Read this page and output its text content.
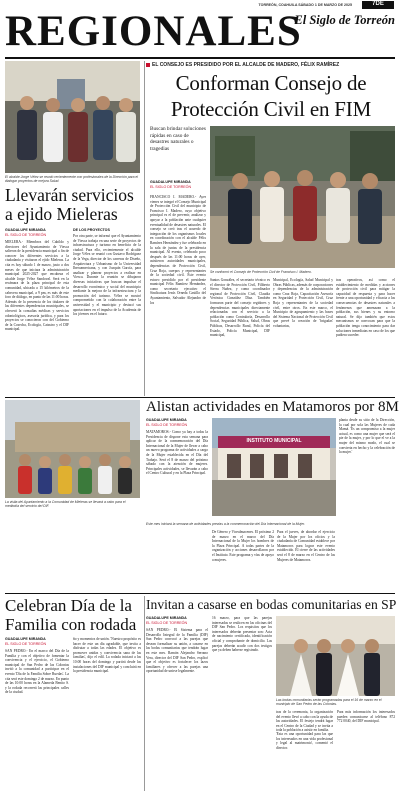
TORREÓN, COAHUILA SÁBADO 1 DE MARZO DE 2025	7DE
REGIONALES
El Siglo de Torreón
El alcalde Jorge Vélez se reunió recientemente con profesionales de la Dirección para el dialogar proyectos de mejora Salud.
EL CONSEJO ES PRESIDIDO POR EL ALCALDE DE MADERO, FÉLIX RAMÍREZ
Conforman Consejo de Protección Civil en FIM
Buscan brindar soluciones rápidas en caso de desastres naturales o tragedias
GUADALUPE MIRANDA
EL SIGLO DE TORREÓN
Se conformó el Consejo de Protección Civil de Francisco I. Madero.
FRANCISCO I. MADERO.- Ayer vienes se integró el Consejo Municipal de Protección Civil del municipio de Francisco I. Madero, cuyo objetivo principal es el de prevenir, analizar y apoyar a la población ante cualquier eventualidad de desastres naturales. El consejo se creó tras el acuerdo de integración de los organismos locales en coordinación con el alcalde Félix Ramírez Hernández y fue celebrado en la sala de juntas de la presidencia municipal. Al evento, celebrado poco después de las 11:00 horas de ayer, asistieron autoridades municipales, dependencias de Protección Civil, Cruz Roja, cuerpos y representantes de la sociedad civil. Este evento estuvo presidido por el presidente municipal Félix Ramírez Hernández, como secretario ejecutivo el Sindicatura Jesús Orneda Castillo del Ayuntamiento, Salvador Alejandro de los
Santos González, el secretario técnico es el director de Protección Civil, Filiberto Sierra Nuñez, y como coordinador regional de Protección Civil, Claudia Verónica González Díaz. También formaron parte del consejo regidores y dependencias municipales directamente relacionadas con el servicio a la población como Contraloría, Desarrollo Social, Seguridad Pública, Salud, Obras Públicas, Desarrollo Rural, Policía del Estado, Policía Municipal, DIF municipal,
Municipal, Ecología, Salud Municipal y Obras Públicas, además de corporaciones y dependencias de la administración como Cruz Roja, Capacitación Asesoría en Seguridad y Protección Civil, Cruz Roja y representantes de la sociedad civil, entre otros. En este marco, el Municipio de agrupamiento y las bases del Sistema Nacional de Protección Civil que prevé la creación de 'brigadas' voluntarias,
tras operativos, así como el establecimiento de medidas y acciones de protección civil para mitigar la capacidad de respuesta y para hacer frente a una oportunidad y eficacia a las consecuencias de desastres naturales a fenómenos que amenazan a la población, sus bienes y su entorno natural. Se dijo también que estos mecanismos se convocan para que la población tenga conocimiento para dar soluciones inmediatas en caso de los que pudiera suceder.
Llevarán servicios a ejido Mieleras
GUADALUPE MIRANDA
EL SIGLO DE TORREÓN
MIELERA.- Miembros del Cabildo y directores del Ayuntamiento de Viesca salieron de la presidencia municipal a fin de conocer los diferentes servicios a la ciudadanía y visitaron el ejido Mieleras. La cita es hoy sábado 1 de marzo, justo a dos meses de que iniciara la administración municipal 2025-2027 que encabeza el alcalde Jorge Vélez Sandoval. Será en la recámara de la plaza principal de esta comunidad, ubicada a 15 kilómetros de la cabecera municipal, a 9 pm, es más de este foro de diálogo, en punto de las 11:00 horas. Además de la presencia de los titulares de las diferentes dependencias municipales, se ofrecerá la consultas médicas y servicios odontológicos, asesoría jurídica, y para los proyectos se conocieron con del Gobierno de la Cosecha, Ecología, Catastro y el DIF municipal.
DE LOS PROYECTOS
Por otra parte, se informó que el Ayuntamiento de Viesca trabaja en una serie de proyectos de infraestructura y turismo en beneficio de la ciudad. Para ello, recientemente el alcalde Jorge Vélez se reunió con Gustavo Rodríguez de la Vega, director de los carreras de Diseño, Arquitectura y Urbanismo de la Universidad Iberoamericana, y con Joaquín García, para analizar y planear proyectos a realizar en Viesca. Durante la reunión se dibujaron diversas iniciativas que buscan impulsar el desarrollo económico y social del municipio mediante la mejora de la infraestructura y la promoción del turismo. Vélez se mostró comprometido con la colaboración entre la universidad y el municipio y destacó sus aportaciones en el impulso de la Academia de los jóvenes en el futuro.
La visita del Ayuntamiento a la Comunidad de Mieleras se llevará a cabo para el mediodía del servicio del DIF.
Alistan actividades en Matamoros por 8M
GUADALUPE MIRANDA
EL SIGLO DE TORREÓN
MATAMOROS.- Como ya hay a todas la Presidencia de dispone esta semana para aplicar de la conmemoración del Día Internacional de la Mujer de llevar a cabo un nuevo programa de actividades a cargo de la Mujer establecida en el Día del Trabajo. Será el 8 de marzo del próximo sábado con la atención de mujeres. Principales actividades, se llevarán a cabo el Centro Cultural y en la Plaza Principal.
INSTITUTO MUNICIPAL
Este mes iniciará la semana de actividades previas a la conmemoración del Día Internacional de la Mujer.
De Género y Vicealmacenes. El próximo 2 de marzo en el marco del Día Internacional de la Mujer los hombres de la Plaza Principal. A todas partes de la organización y acciones desarrollaron por el Instituto. Este programa y vías de apoyo a mujeres.
Para el jueves, de abordar el ejercicio de la Mujer por los oficios y la ciudadanía de Comunidad establece por Matamoros para lograr este evento establecido. El cierre de las actividades será el 8 de marzo en el Centro de las Mujeres de Matamoros.
planta desde su sitio de la Dirección, la cual por sola las Mujeres de cada Mamá. 'Es un compromiso a la mujer actual, es como una mujer que será el pie de la mujer, y por lo que el ve a la mujer del mismo modo, el cual se convierta en hecho y la celebración de la mujer.'
Celebran Día de la Familia con rodada
GUADALUPE MIRANDA
EL SIGLO DE TORREÓN
SAN PEDRO.- En el marco del Día de la Familia y con el objetivo de fomentar la convivencia y el ejercicio, el Gobierno municipal de San Pedro de las Colonias invitó a la comunidad a participar en el evento 'Día de la Familia Sobre Ruedas'. La cita será este domingo 2 de marzo. En punto de las 10:00 horas en la Alameda Benito S. y la rodada recorrerá las principales calles de la ciudad.
ño y momentos de unión. 'Nuestro propósito es hacer de este un día agradable, que invita a disfrutar a todas las edades. El objetivo es promover unidas y convivencia sana de las familias', dijo el edil. La rodada iniciará a las 10:00 horas del domingo y partirá desde las instalaciones del DIF municipal y concluirá en la presidencia municipal.
Invitan a casarse en bodas comunitarias en SP
GUADALUPE MIRANDA
EL SIGLO DE TORREÓN
SAN PEDRO.- El Sistema para el Desarrollo Integral de la Familia (DIF) San Pedro convocó a las parejas que desean formalizar su unión, a casarse en las bodas comunitarias que tendrán lugar en este mes. Ramón Alejandro Serrano Vera, director del DIF San Pedro, explicó que el objetivo es fortalecer los lazos familiares y ofrecer a las parejas una oportunidad de unirse legalmente.
16 marzo, para que las parejas interesadas se realicen en las oficinas del DIF San Pedro. Los requisitos que los interesados deberán presentar son: Acta de nacimiento certificada, identificación oficial y comprobante de domicilio. Las parejas deberán acudir con dos testigos que ya deben haberse registrado.
Las bodas comunitarias serán programadas para el 16 de marzo en el municipio de San Pedro de las Colonias.
tras de la ceremonia, la organización del evento llevó a cabo con la ayuda de las autoridades. El festejo tendrá lugar en el Centro de la Ciudad y se invita a toda la población a asistir en familia.
'Esta es una oportunidad para las que los interesados en una vida profesional y legal al matrimonio', comentó el director.
Para más información los interesados pueden comunicarse al teléfono 872 772 0040, del DIF municipal.
